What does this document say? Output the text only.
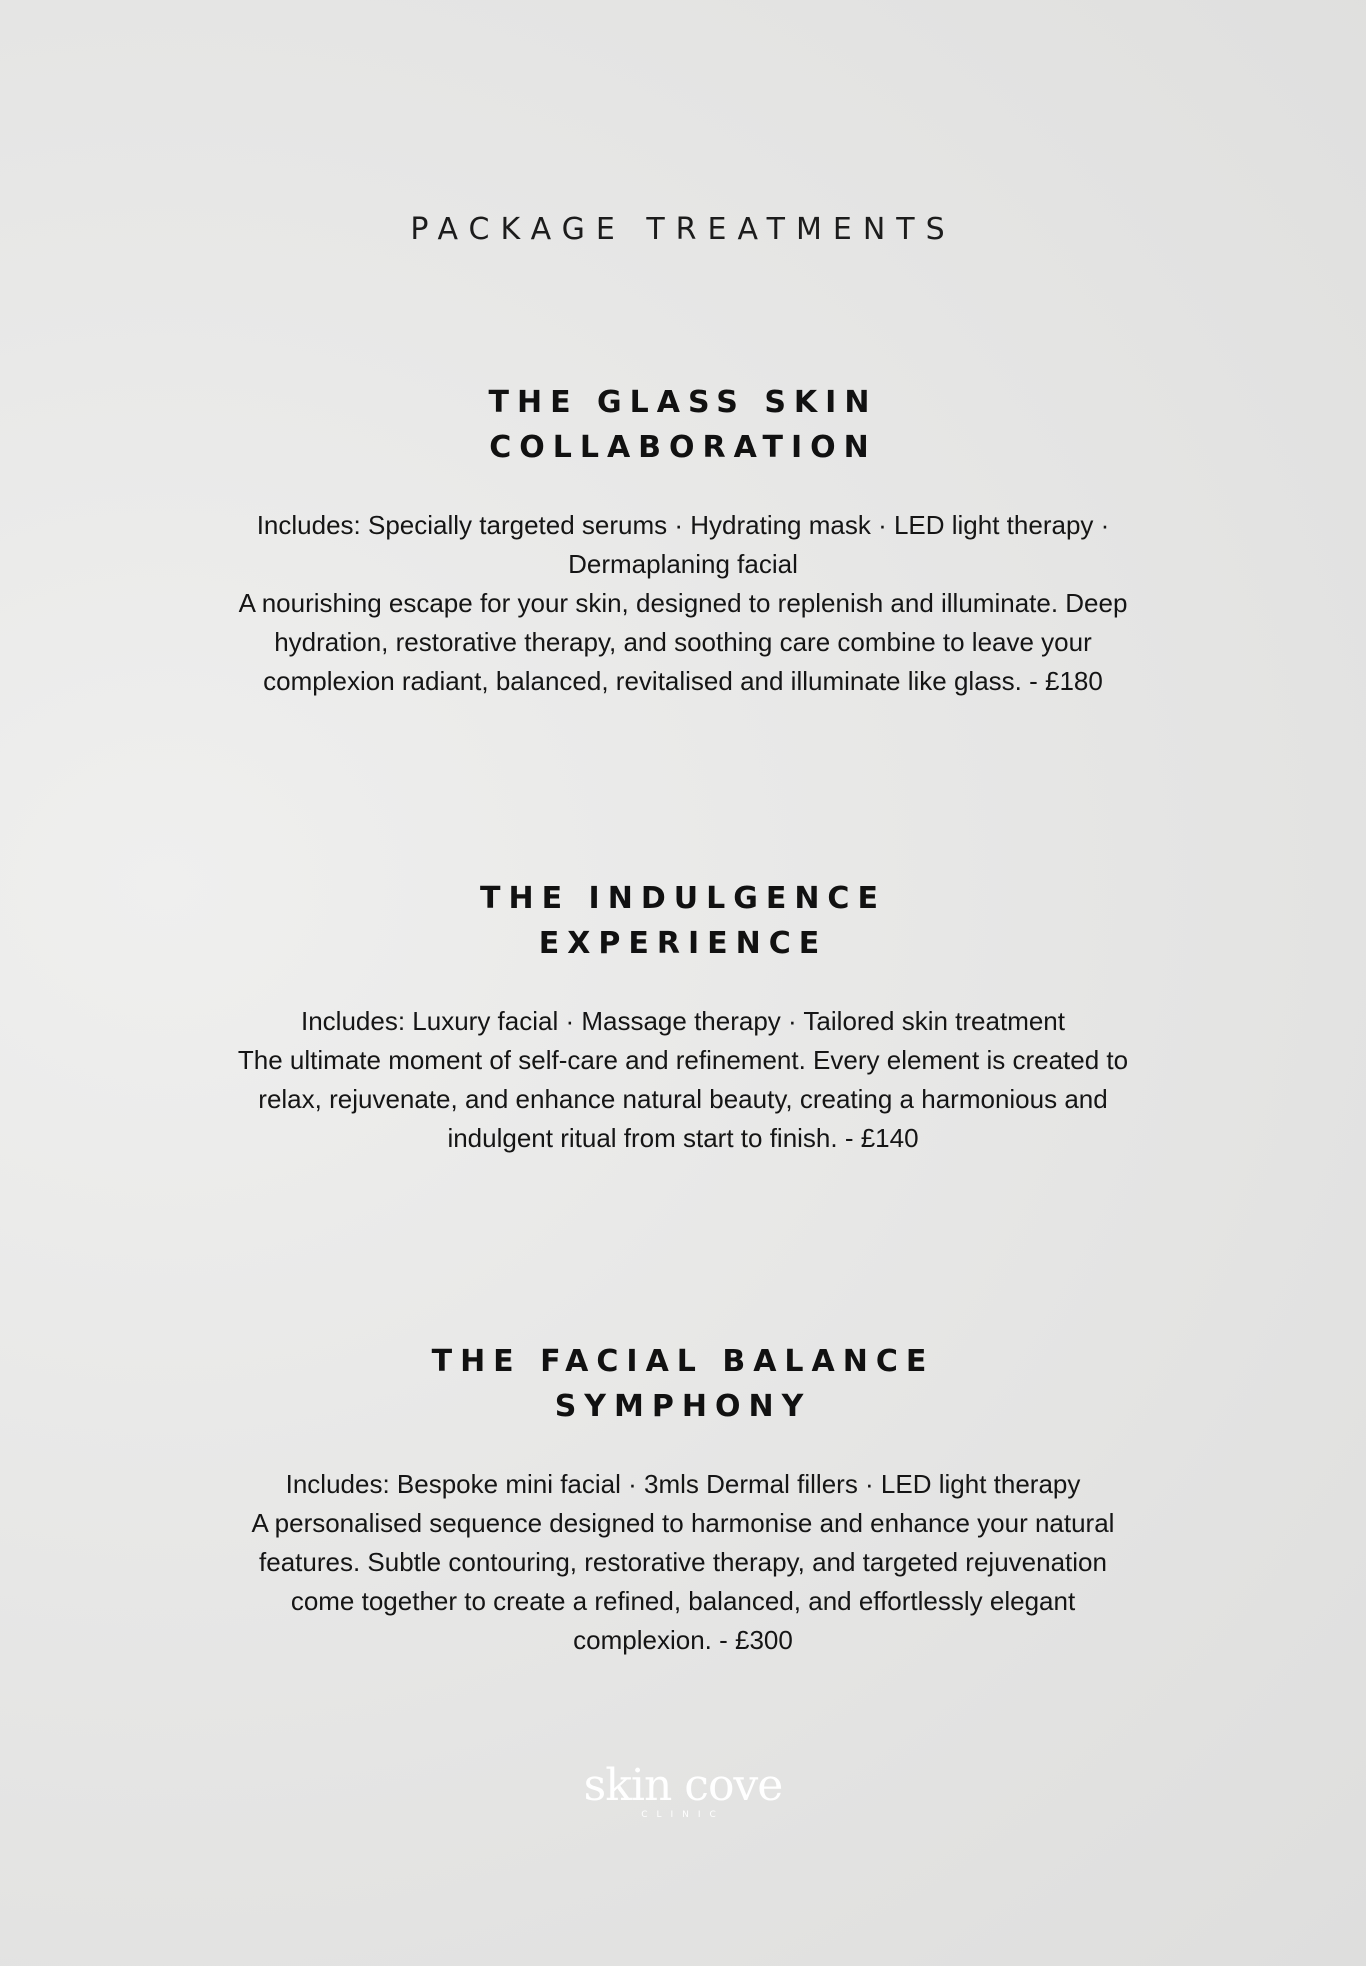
PACKAGE TREATMENTS
THE GLASS SKIN
COLLABORATION
Includes: Specially targeted serums · Hydrating mask · LED light therapy ·
Dermaplaning facial
A nourishing escape for your skin, designed to replenish and illuminate. Deep
hydration, restorative therapy, and soothing care combine to leave your
complexion radiant, balanced, revitalised and illuminate like glass. - £180
THE INDULGENCE
EXPERIENCE
Includes: Luxury facial · Massage therapy · Tailored skin treatment
The ultimate moment of self-care and refinement. Every element is created to
relax, rejuvenate, and enhance natural beauty, creating a harmonious and
indulgent ritual from start to finish. - £140
THE FACIAL BALANCE
SYMPHONY
Includes: Bespoke mini facial · 3mls Dermal fillers · LED light therapy
A personalised sequence designed to harmonise and enhance your natural
features. Subtle contouring, restorative therapy, and targeted rejuvenation
come together to create a refined, balanced, and effortlessly elegant
complexion. - £300
skin cove
CLINIC
